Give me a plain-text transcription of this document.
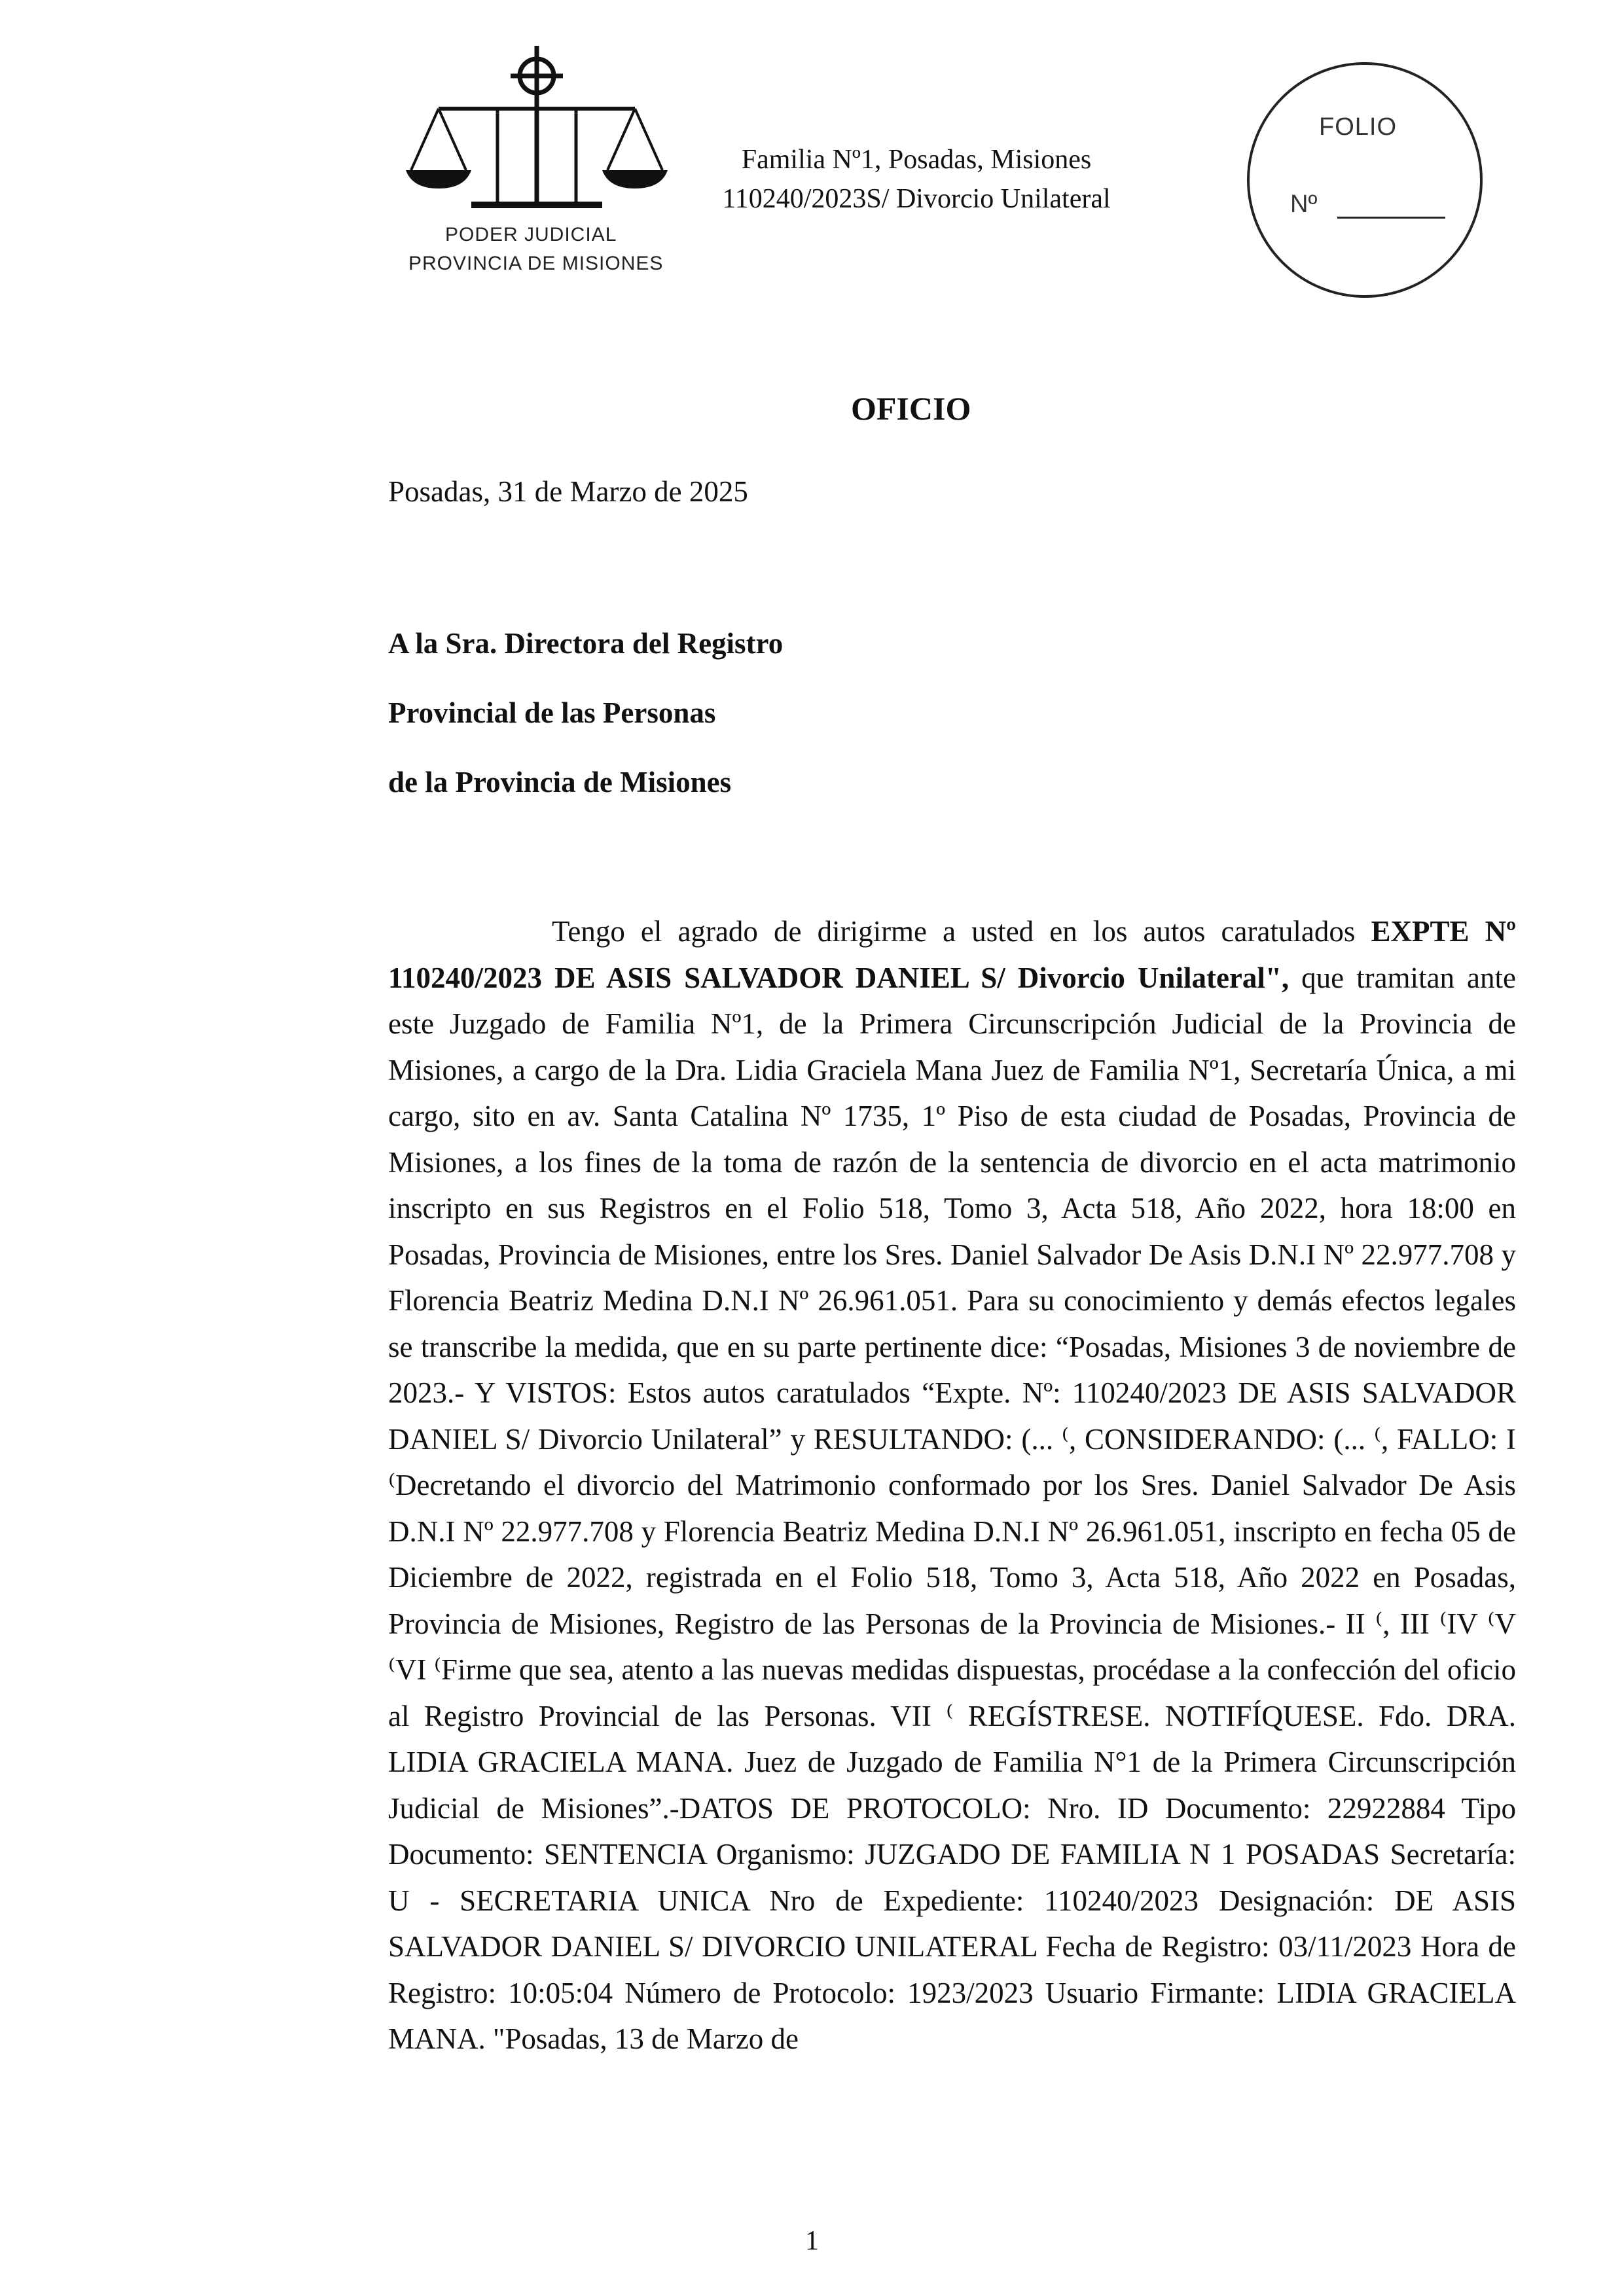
PODER JUDICIAL
PROVINCIA DE MISIONES
Familia Nº1, Posadas, Misiones
110240/2023S/ Divorcio Unilateral
FOLIO
Nº
OFICIO
Posadas, 31 de Marzo de 2025
A la Sra. Directora del Registro
Provincial de las Personas
de la Provincia de Misiones

Tengo el agrado de dirigirme a usted en los autos caratulados EXPTE Nº 110240/2023 DE ASIS SALVADOR DANIEL S/ Divorcio Unilateral", que tramitan ante este Juzgado de Familia Nº1, de la Primera Circunscripción Judicial de la Provincia de Misiones, a cargo de la Dra. Lidia Graciela Mana Juez de Familia Nº1, Secretaría Única, a mi cargo, sito en av. Santa Catalina Nº 1735, 1º Piso de esta ciudad de Posadas, Provincia de Misiones, a los fines de la toma de razón de la sentencia de divorcio en el acta matrimonio inscripto en sus Registros en el Folio 518, Tomo 3, Acta 518, Año 2022, hora 18:00 en Posadas, Provincia de Misiones, entre los Sres. Daniel Salvador De Asis D.N.I Nº 22.977.708 y Florencia Beatriz Medina D.N.I Nº 26.961.051. Para su conocimiento y demás efectos legales se transcribe la medida, que en su parte pertinente dice: “Posadas, Misiones 3 de noviembre de 2023.- Y VISTOS: Estos autos caratulados “Expte. Nº: 110240/2023 DE ASIS SALVADOR DANIEL S/ Divorcio Unilateral” y RESULTANDO: (... ⁽, CONSIDERANDO: (... ⁽, FALLO: I ⁽Decretando el divorcio del Matrimonio conformado por los Sres. Daniel Salvador De Asis D.N.I Nº 22.977.708 y Florencia Beatriz Medina D.N.I Nº 26.961.051, inscripto en fecha 05 de Diciembre de 2022, registrada en el Folio 518, Tomo 3, Acta 518, Año 2022 en Posadas, Provincia de Misiones, Registro de las Personas de la Provincia de Misiones.- II ⁽, III ⁽IV ⁽V ⁽VI ⁽Firme que sea, atento a las nuevas medidas dispuestas, procédase a la confección del oficio al Registro Provincial de las Personas. VII ⁽ REGÍSTRESE. NOTIFÍQUESE. Fdo. DRA. LIDIA GRACIELA MANA. Juez de Juzgado de Familia N°1 de la Primera Circunscripción Judicial de Misiones”.-DATOS DE PROTOCOLO: Nro. ID Documento: 22922884 Tipo Documento: SENTENCIA Organismo: JUZGADO DE FAMILIA N 1 POSADAS Secretaría: U - SECRETARIA UNICA Nro de Expediente: 110240/2023 Designación: DE ASIS SALVADOR DANIEL S/ DIVORCIO UNILATERAL Fecha de Registro: 03/11/2023 Hora de Registro: 10:05:04 Número de Protocolo: 1923/2023 Usuario Firmante: LIDIA GRACIELA MANA. "Posadas, 13 de Marzo de

1
